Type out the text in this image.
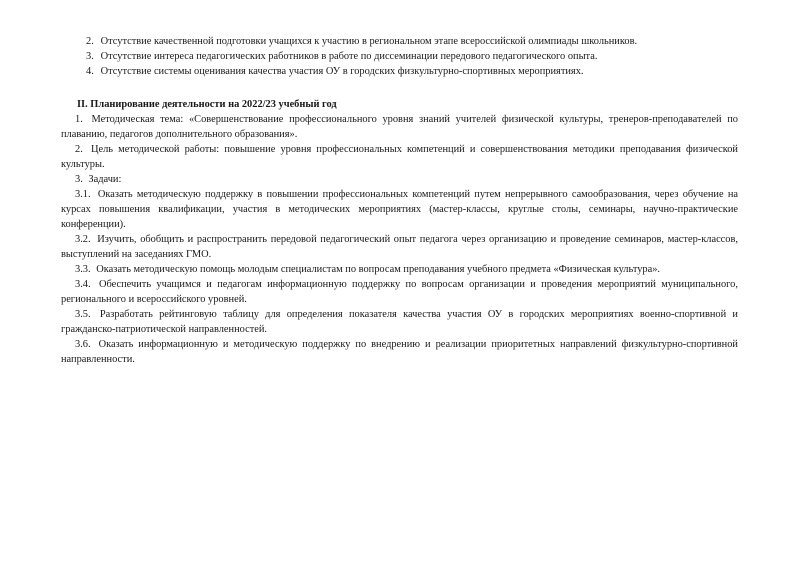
2. Отсутствие качественной подготовки учащихся к участию в региональном этапе всероссийской олимпиады школьников.
3. Отсутствие интереса педагогических работников в работе по диссеминации передового педагогического опыта.
4. Отсутствие системы оценивания качества участия ОУ в городских физкультурно-спортивных мероприятиях.
II. Планирование деятельности на 2022/23 учебный год
1. Методическая тема: «Совершенствование профессионального уровня знаний учителей физической культуры, тренеров-преподавателей по плаванию, педагогов дополнительного образования».
2. Цель методической работы: повышение уровня профессиональных компетенций и совершенствования методики преподавания физической культуры.
3. Задачи:
3.1. Оказать методическую поддержку в повышении профессиональных компетенций путем непрерывного самообразования, через обучение на курсах повышения квалификации, участия в методических мероприятиях (мастер-классы, круглые столы, семинары, научно-практические конференции).
3.2. Изучить, обобщить и распространить передовой педагогический опыт педагога через организацию и проведение семинаров, мастер-классов, выступлений на заседаниях ГМО.
3.3. Оказать методическую помощь молодым специалистам по вопросам преподавания учебного предмета «Физическая культура».
3.4. Обеспечить учащимся и педагогам информационную поддержку по вопросам организации и проведения мероприятий муниципального, регионального и всероссийского уровней.
3.5. Разработать рейтинговую таблицу для определения показателя качества участия ОУ в городских мероприятиях военно-спортивной и гражданско-патриотической направленностей.
3.6. Оказать информационную и методическую поддержку по внедрению и реализации приоритетных направлений физкультурно-спортивной направленности.
